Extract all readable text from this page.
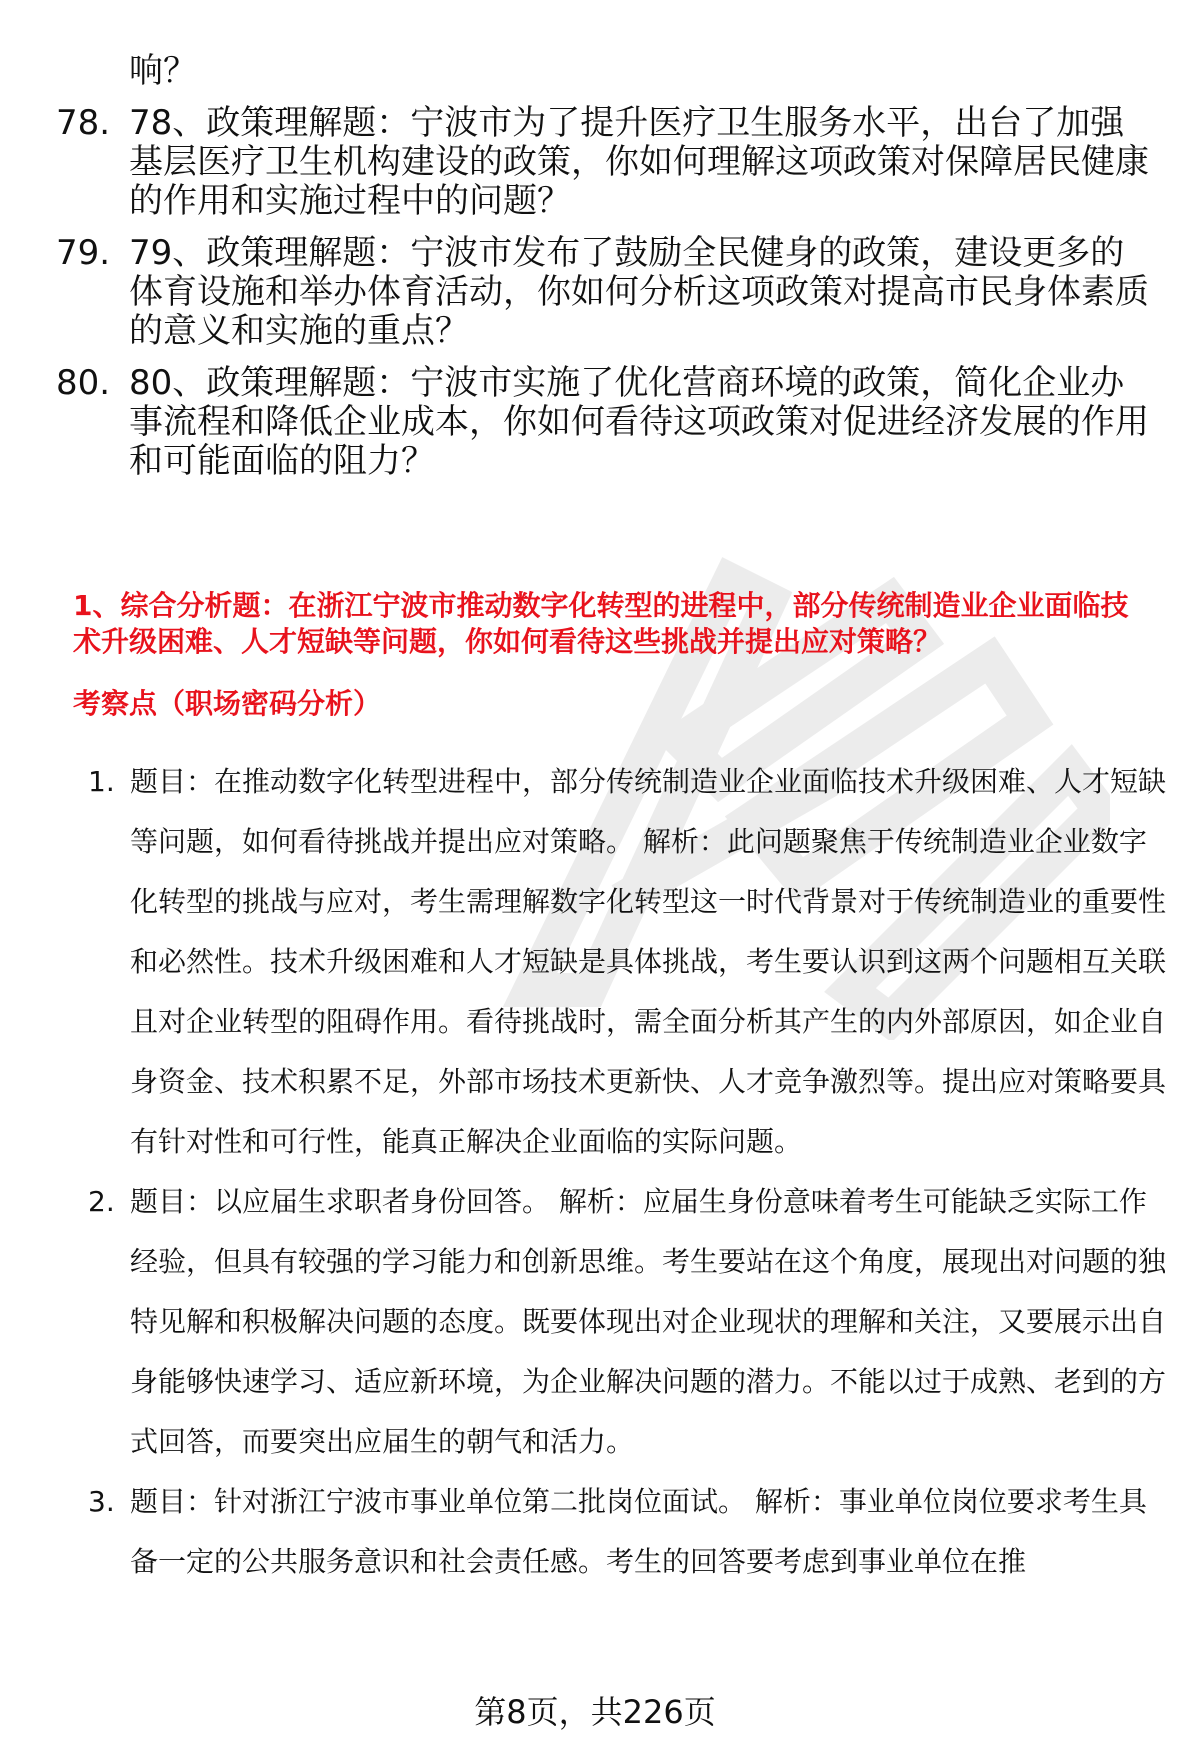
响？
78. 78、政策理解题：宁波市为了提升医疗卫生服务水平，出台了加强基层医疗卫生机构建设的政策，你如何理解这项政策对保障居民健康的作用和实施过程中的问题？
79. 79、政策理解题：宁波市发布了鼓励全民健身的政策，建设更多的体育设施和举办体育活动，你如何分析这项政策对提高市民身体素质的意义和实施的重点？
80. 80、政策理解题：宁波市实施了优化营商环境的政策，简化企业办事流程和降低企业成本，你如何看待这项政策对促进经济发展的作用和可能面临的阻力？

1、综合分析题：在浙江宁波市推动数字化转型的进程中，部分传统制造业企业面临技术升级困难、人才短缺等问题，你如何看待这些挑战并提出应对策略？

考察点（职场密码分析）

1. 题目：在推动数字化转型进程中，部分传统制造业企业面临技术升级困难、人才短缺等问题，如何看待挑战并提出应对策略。 解析：此问题聚焦于传统制造业企业数字化转型的挑战与应对，考生需理解数字化转型这一时代背景对于传统制造业的重要性和必然性。技术升级困难和人才短缺是具体挑战，考生要认识到这两个问题相互关联且对企业转型的阻碍作用。看待挑战时，需全面分析其产生的内外部原因，如企业自身资金、技术积累不足，外部市场技术更新快、人才竞争激烈等。提出应对策略要具有针对性和可行性，能真正解决企业面临的实际问题。
2. 题目：以应届生求职者身份回答。 解析：应届生身份意味着考生可能缺乏实际工作经验，但具有较强的学习能力和创新思维。考生要站在这个角度，展现出对问题的独特见解和积极解决问题的态度。既要体现出对企业现状的理解和关注，又要展示出自身能够快速学习、适应新环境，为企业解决问题的潜力。不能以过于成熟、老到的方式回答，而要突出应届生的朝气和活力。
3. 题目：针对浙江宁波市事业单位第二批岗位面试。 解析：事业单位岗位要求考生具备一定的公共服务意识和社会责任感。考生的回答要考虑到事业单位在推
第8页，共226页
